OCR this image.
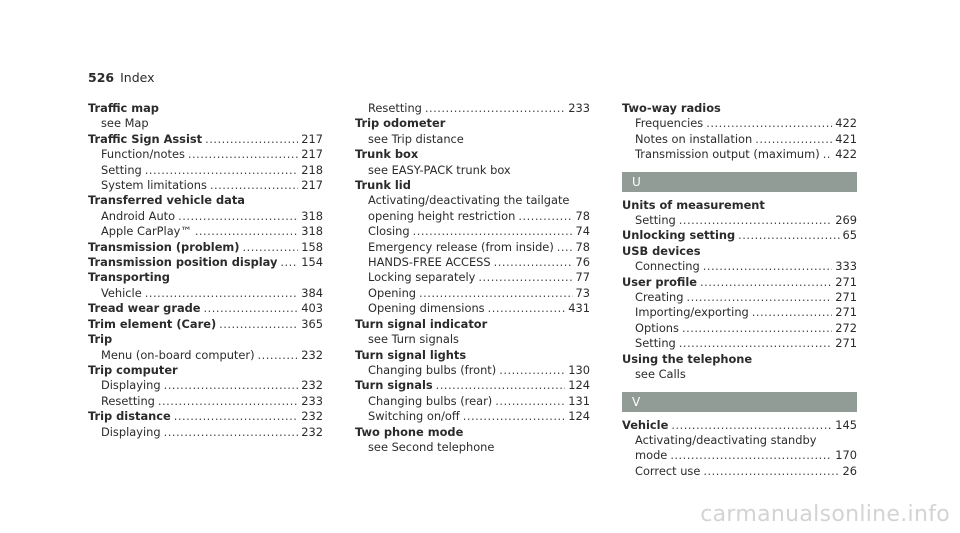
526 Index
Traffic map
see Map
Traffic Sign Assist .....	217
Function/notes .....	217
Setting .....	218
System limitations .....	217
Transferred vehicle data
Android Auto .....	318
Apple CarPlay™ .....	318
Transmission (problem) .....	158
Transmission position display ..... 154
Transporting
Vehicle .....	384
Tread wear grade .....	403
Trim element (Care) .....	365
Trip
Menu (on-board computer) .....	232
Trip computer
Displaying .....	232
Resetting .....	233
Trip distance .....	232
Displaying .....	232
Resetting .....	233
Trip odometer
see Trip distance
Trunk box
see EASY-PACK trunk box
Trunk lid
Activating/deactivating the tailgate
opening height restriction .....	78
Closing .....	74
Emergency release (from inside) ..... 78
HANDS-FREE ACCESS .....	76
Locking separately .....	77
Opening .....	73
Opening dimensions .....	431
Turn signal indicator
see Turn signals
Turn signal lights
Changing bulbs (front) .....	130
Turn signals .....	124
Changing bulbs (rear) .....	131
Switching on/off .....	124
Two phone mode
see Second telephone
Two-way radios
Frequencies .....	422
Notes on installation .....	421
Transmission output (maximum) ..... 422
U
Units of measurement
Setting .....	269
Unlocking setting .....	65
USB devices
Connecting .....	333
User profile .....	271
Creating .....	271
Importing/exporting .....	271
Options .....	272
Setting .....	271
Using the telephone
see Calls
V
Vehicle .....	145
Activating/deactivating standby
mode .....	170
Correct use .....	26
carmanualsonline.info
